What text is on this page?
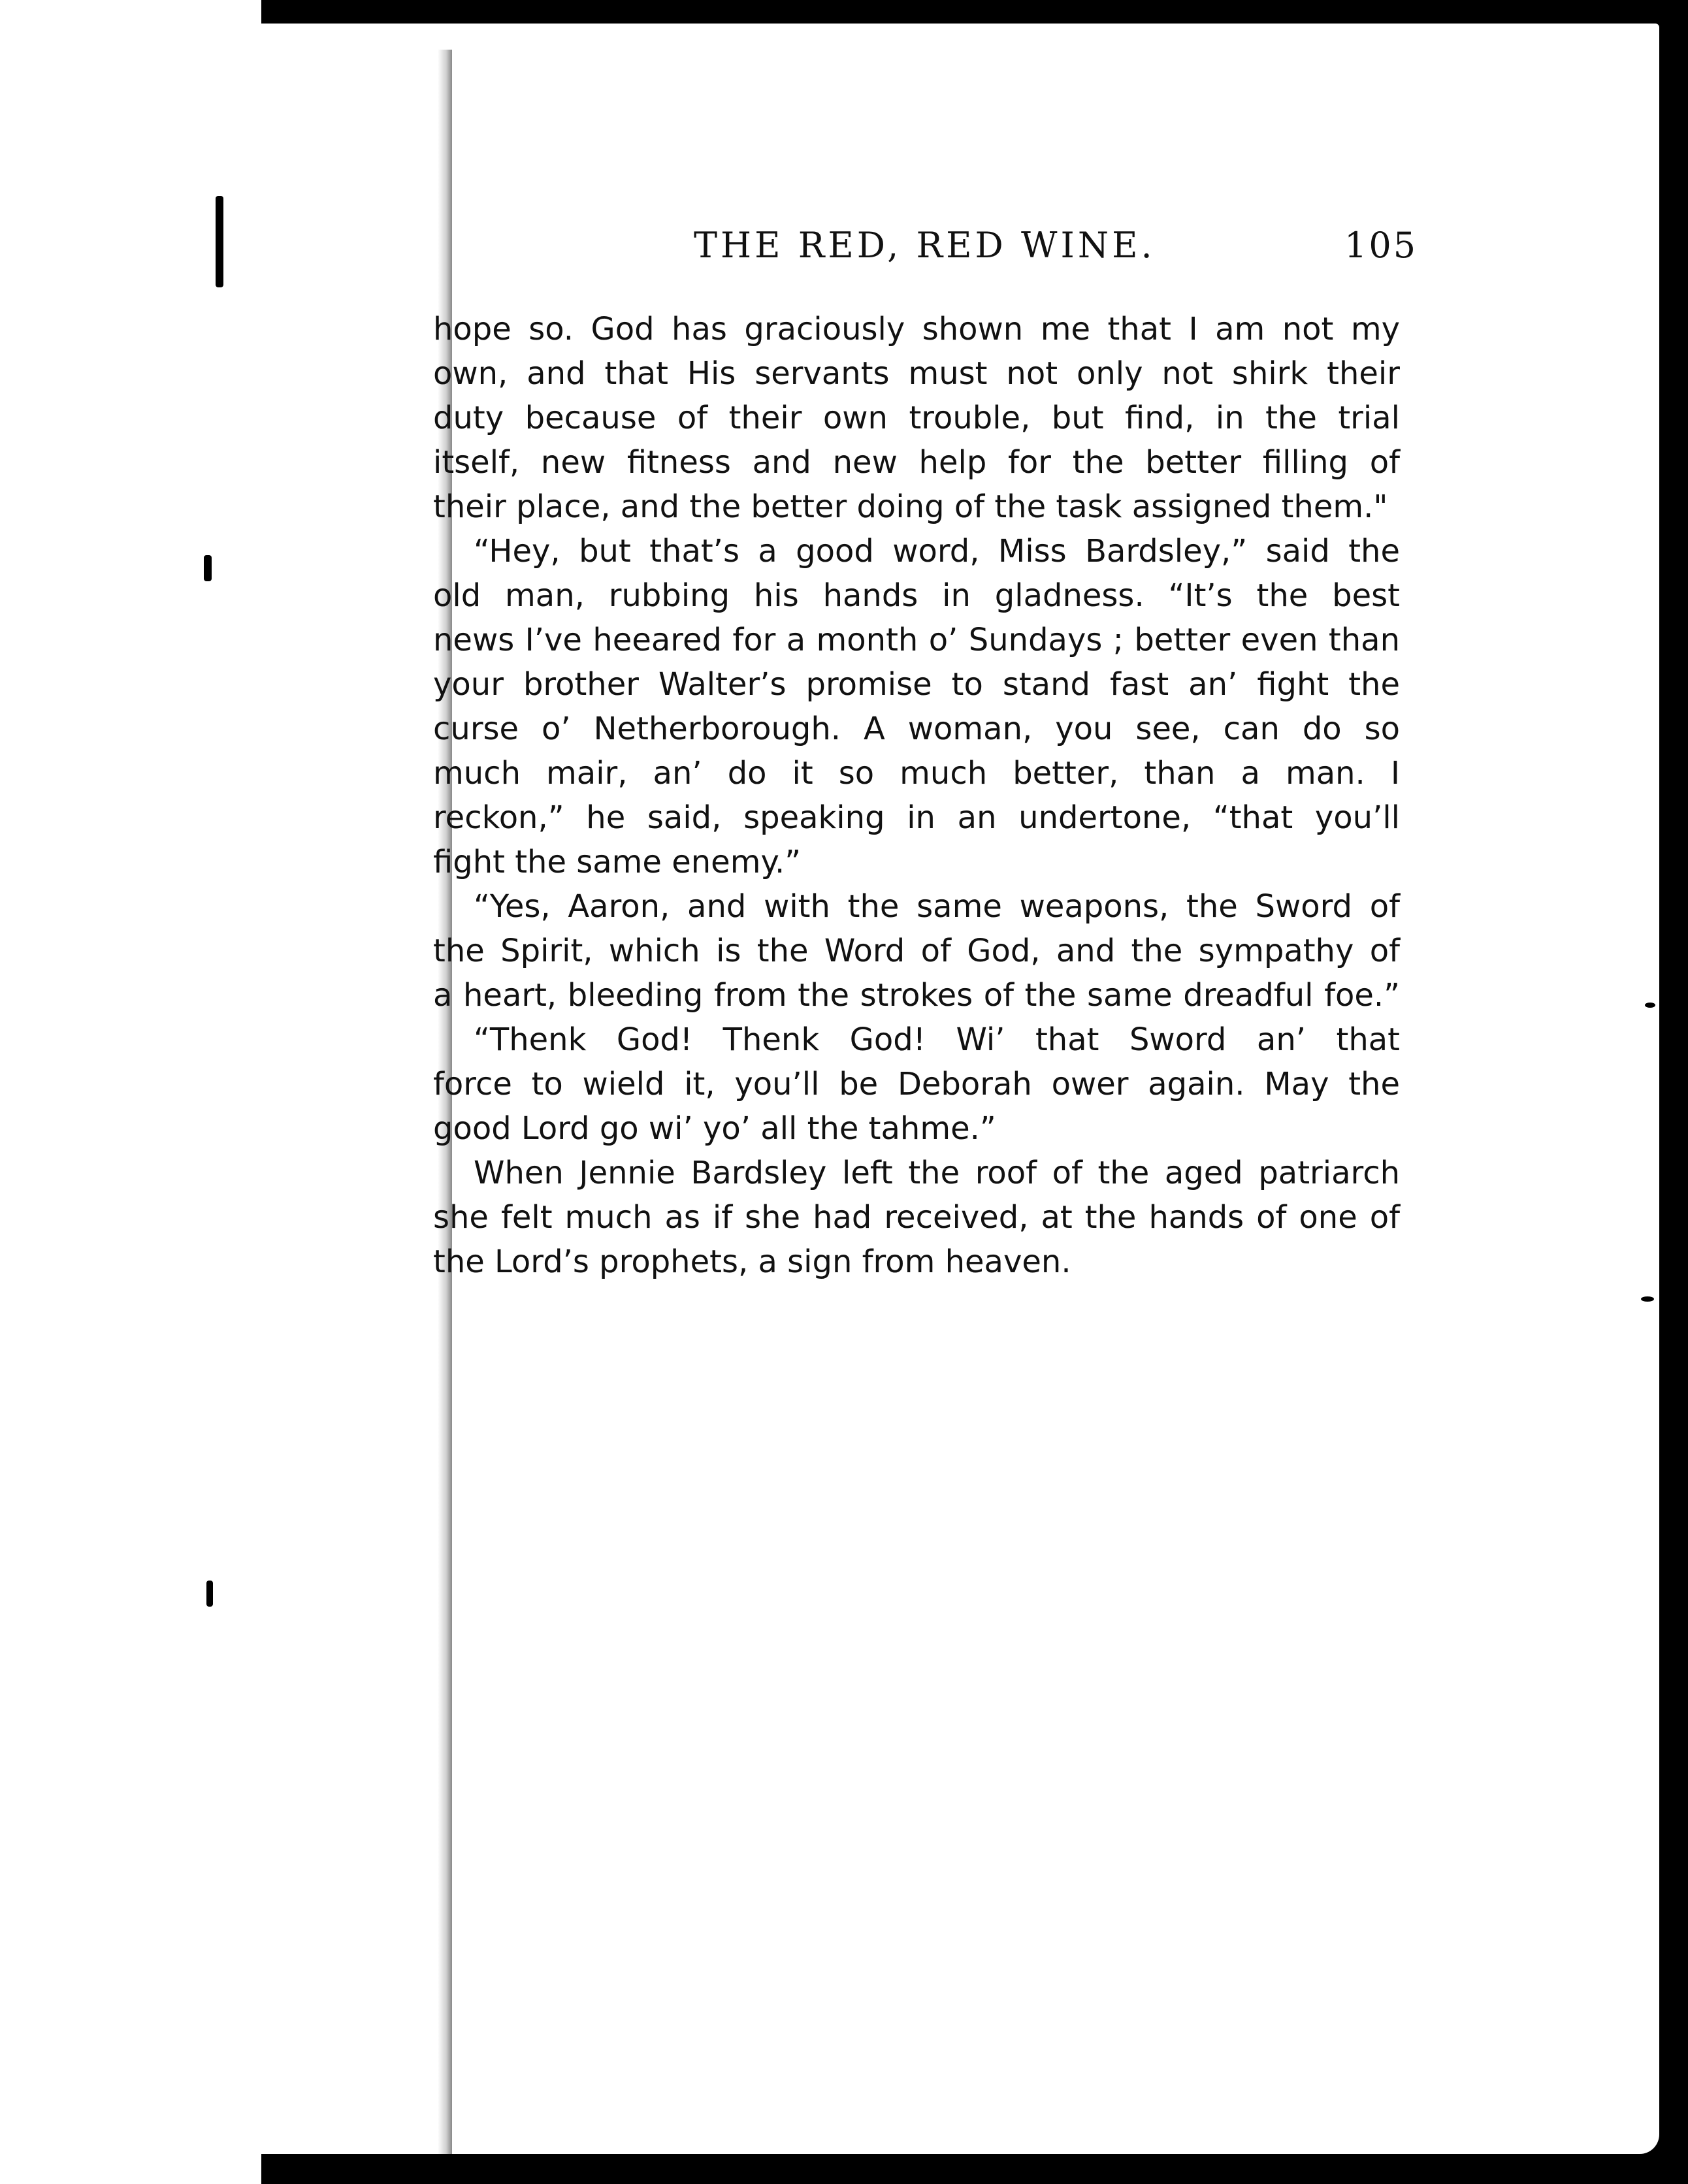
THE RED, RED WINE.	105
hope so. God has graciously shown me that I am not my
own, and that His servants must not only not shirk their
duty because of their own trouble, but find, in the trial
itself, new fitness and new help for the better filling of
their place, and the better doing of the task assigned them."
“Hey, but that’s a good word, Miss Bardsley,” said the
old man, rubbing his hands in gladness. “It’s the best
news I’ve heeared for a month o’ Sundays ; better even than
your brother Walter’s promise to stand fast an’ fight the
curse o’ Netherborough. A woman, you see, can do so
much mair, an’ do it so much better, than a man. I
reckon,” he said, speaking in an undertone, “that you’ll
fight the same enemy.”
“Yes, Aaron, and with the same weapons, the Sword of
the Spirit, which is the Word of God, and the sympathy of
a heart, bleeding from the strokes of the same dreadful foe.”
“Thenk God! Thenk God! Wi’ that Sword an’ that
force to wield it, you’ll be Deborah ower again. May the
good Lord go wi’ yo’ all the tahme.”
When Jennie Bardsley left the roof of the aged patriarch
she felt much as if she had received, at the hands of one of
the Lord’s prophets, a sign from heaven.
